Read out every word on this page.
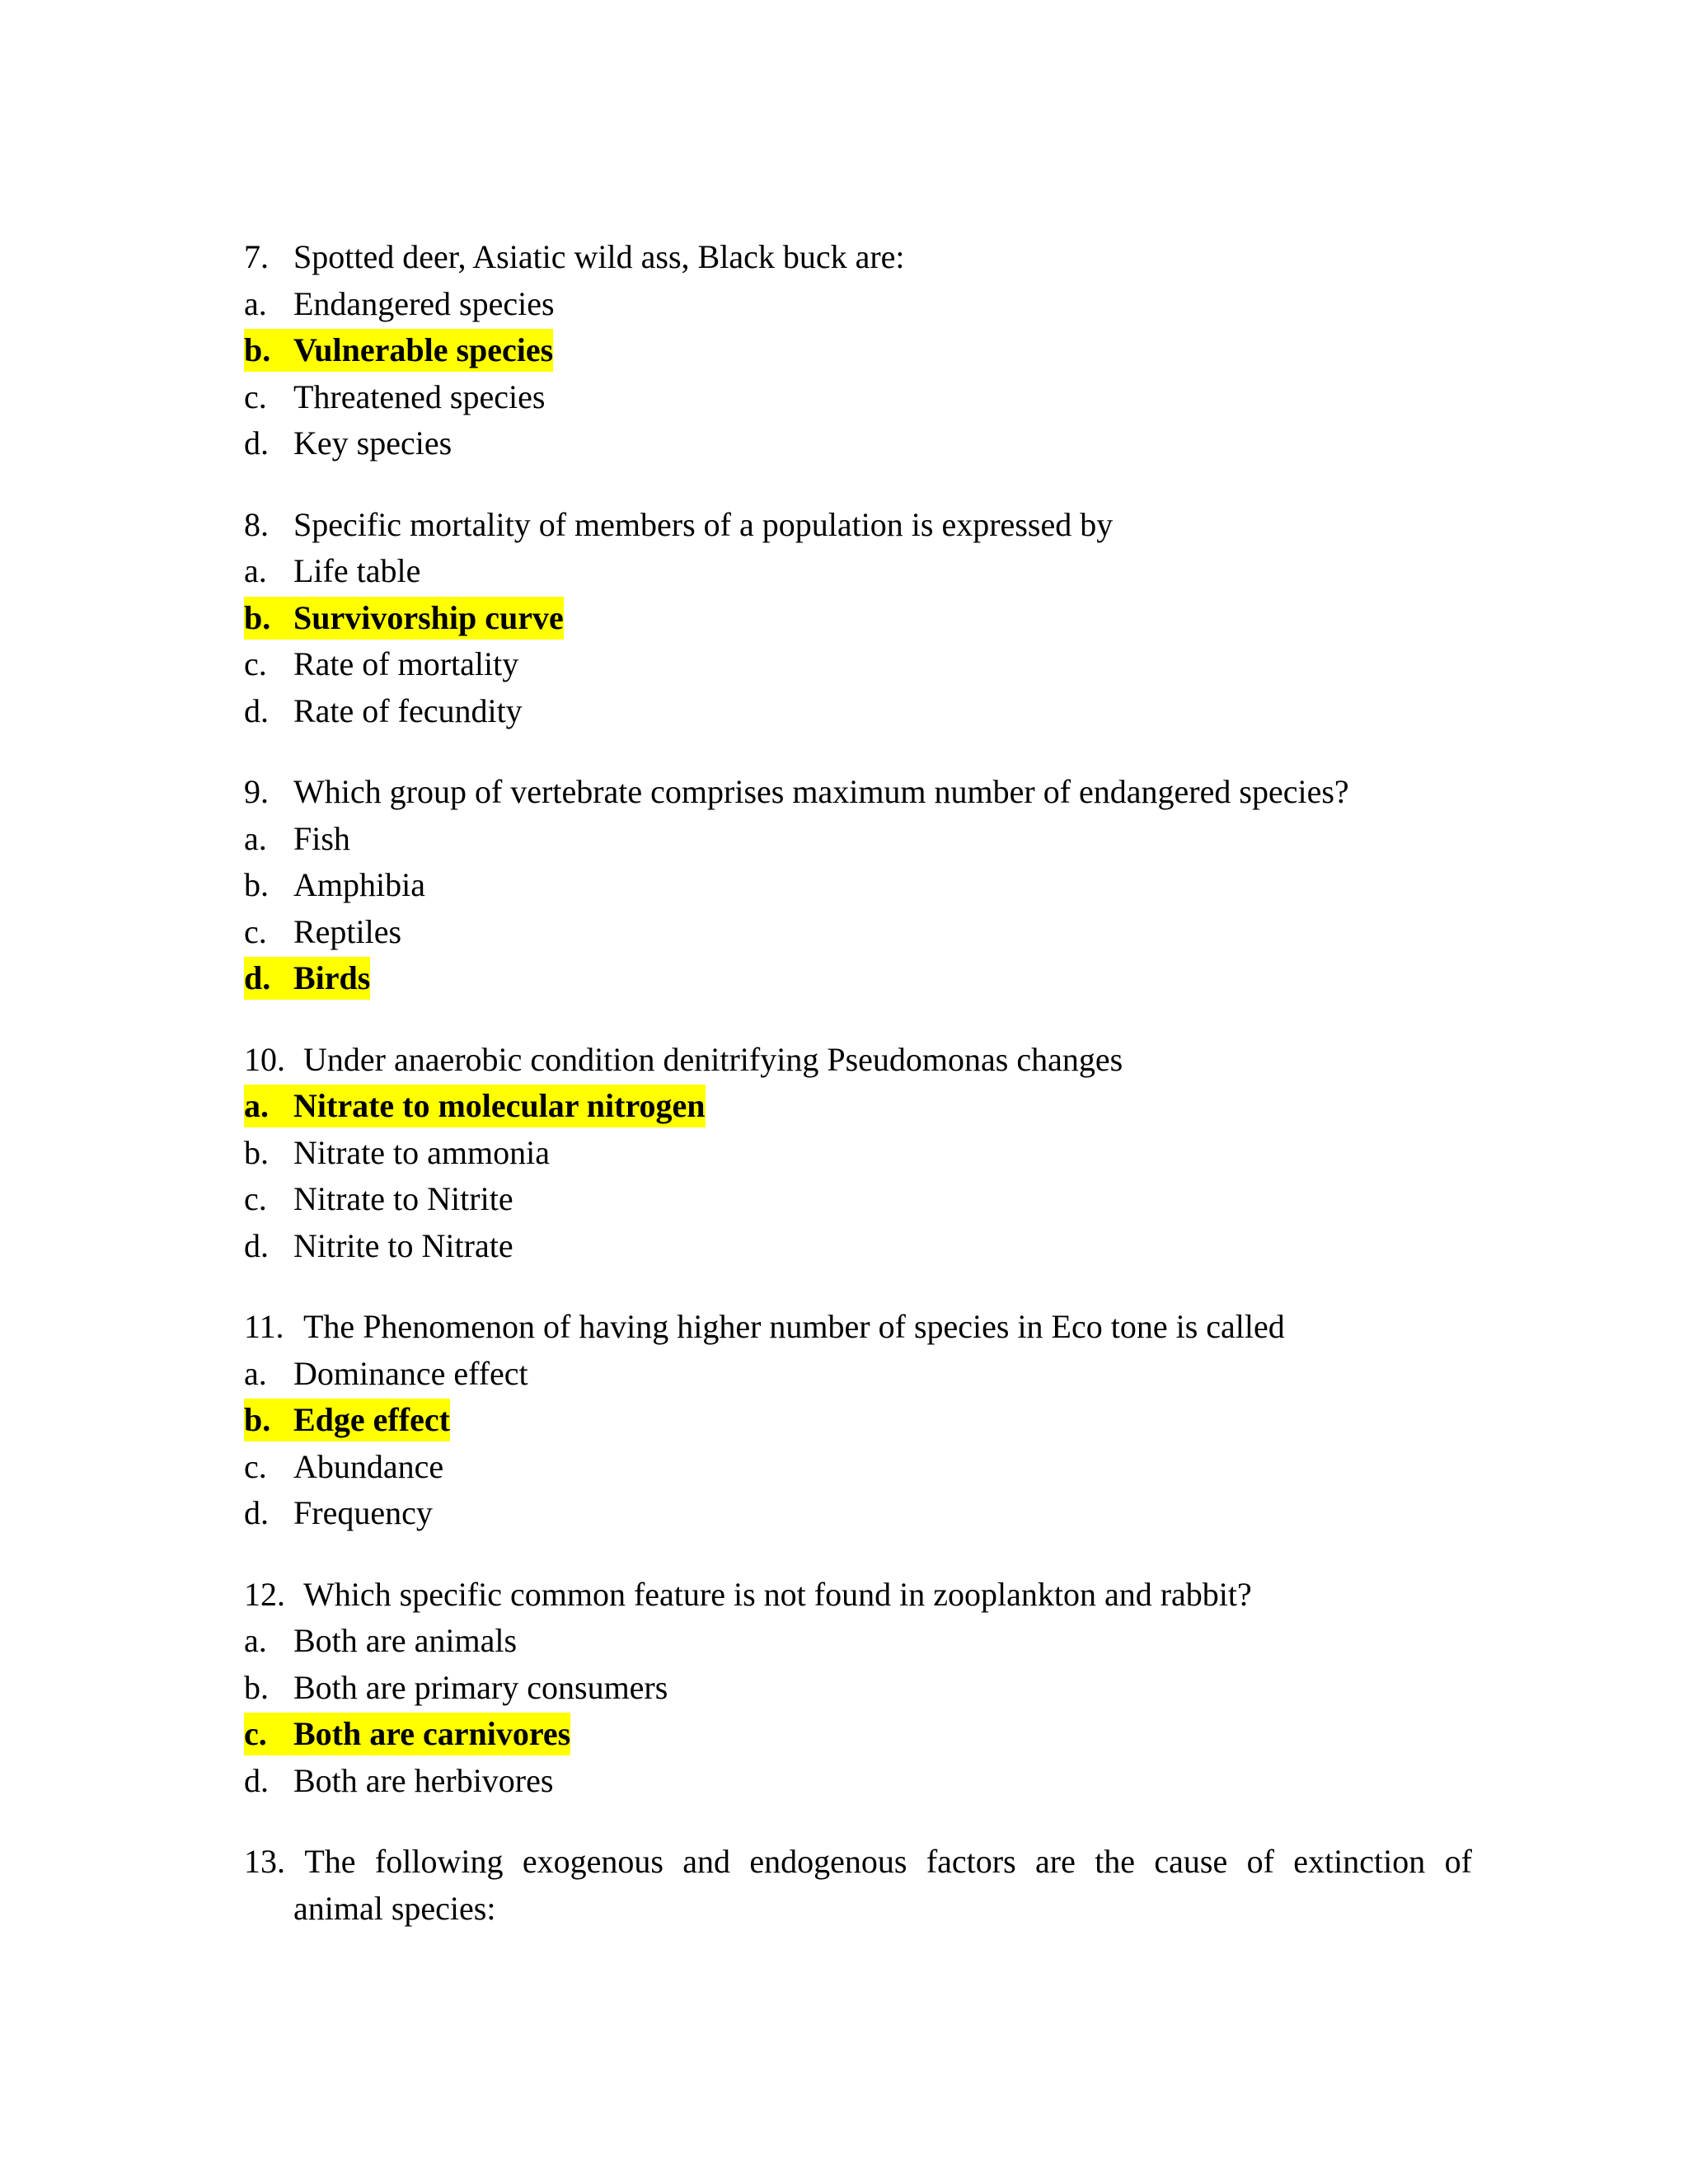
7. Spotted deer, Asiatic wild ass, Black buck are:
a. Endangered species
b. Vulnerable species
c. Threatened species
d. Key species
8. Specific mortality of members of a population is expressed by
a. Life table
b. Survivorship curve
c. Rate of mortality
d. Rate of fecundity
9. Which group of vertebrate comprises maximum number of endangered species?
a. Fish
b. Amphibia
c. Reptiles
d. Birds
10. Under anaerobic condition denitrifying Pseudomonas changes
a. Nitrate to molecular nitrogen
b. Nitrate to ammonia
c. Nitrate to Nitrite
d. Nitrite to Nitrate
11. The Phenomenon of having higher number of species in Eco tone is called
a. Dominance effect
b. Edge effect
c. Abundance
d. Frequency
12. Which specific common feature is not found in zooplankton and rabbit?
a. Both are animals
b. Both are primary consumers
c. Both are carnivores
d. Both are herbivores
13. The following exogenous and endogenous factors are the cause of extinction of
animal species:
